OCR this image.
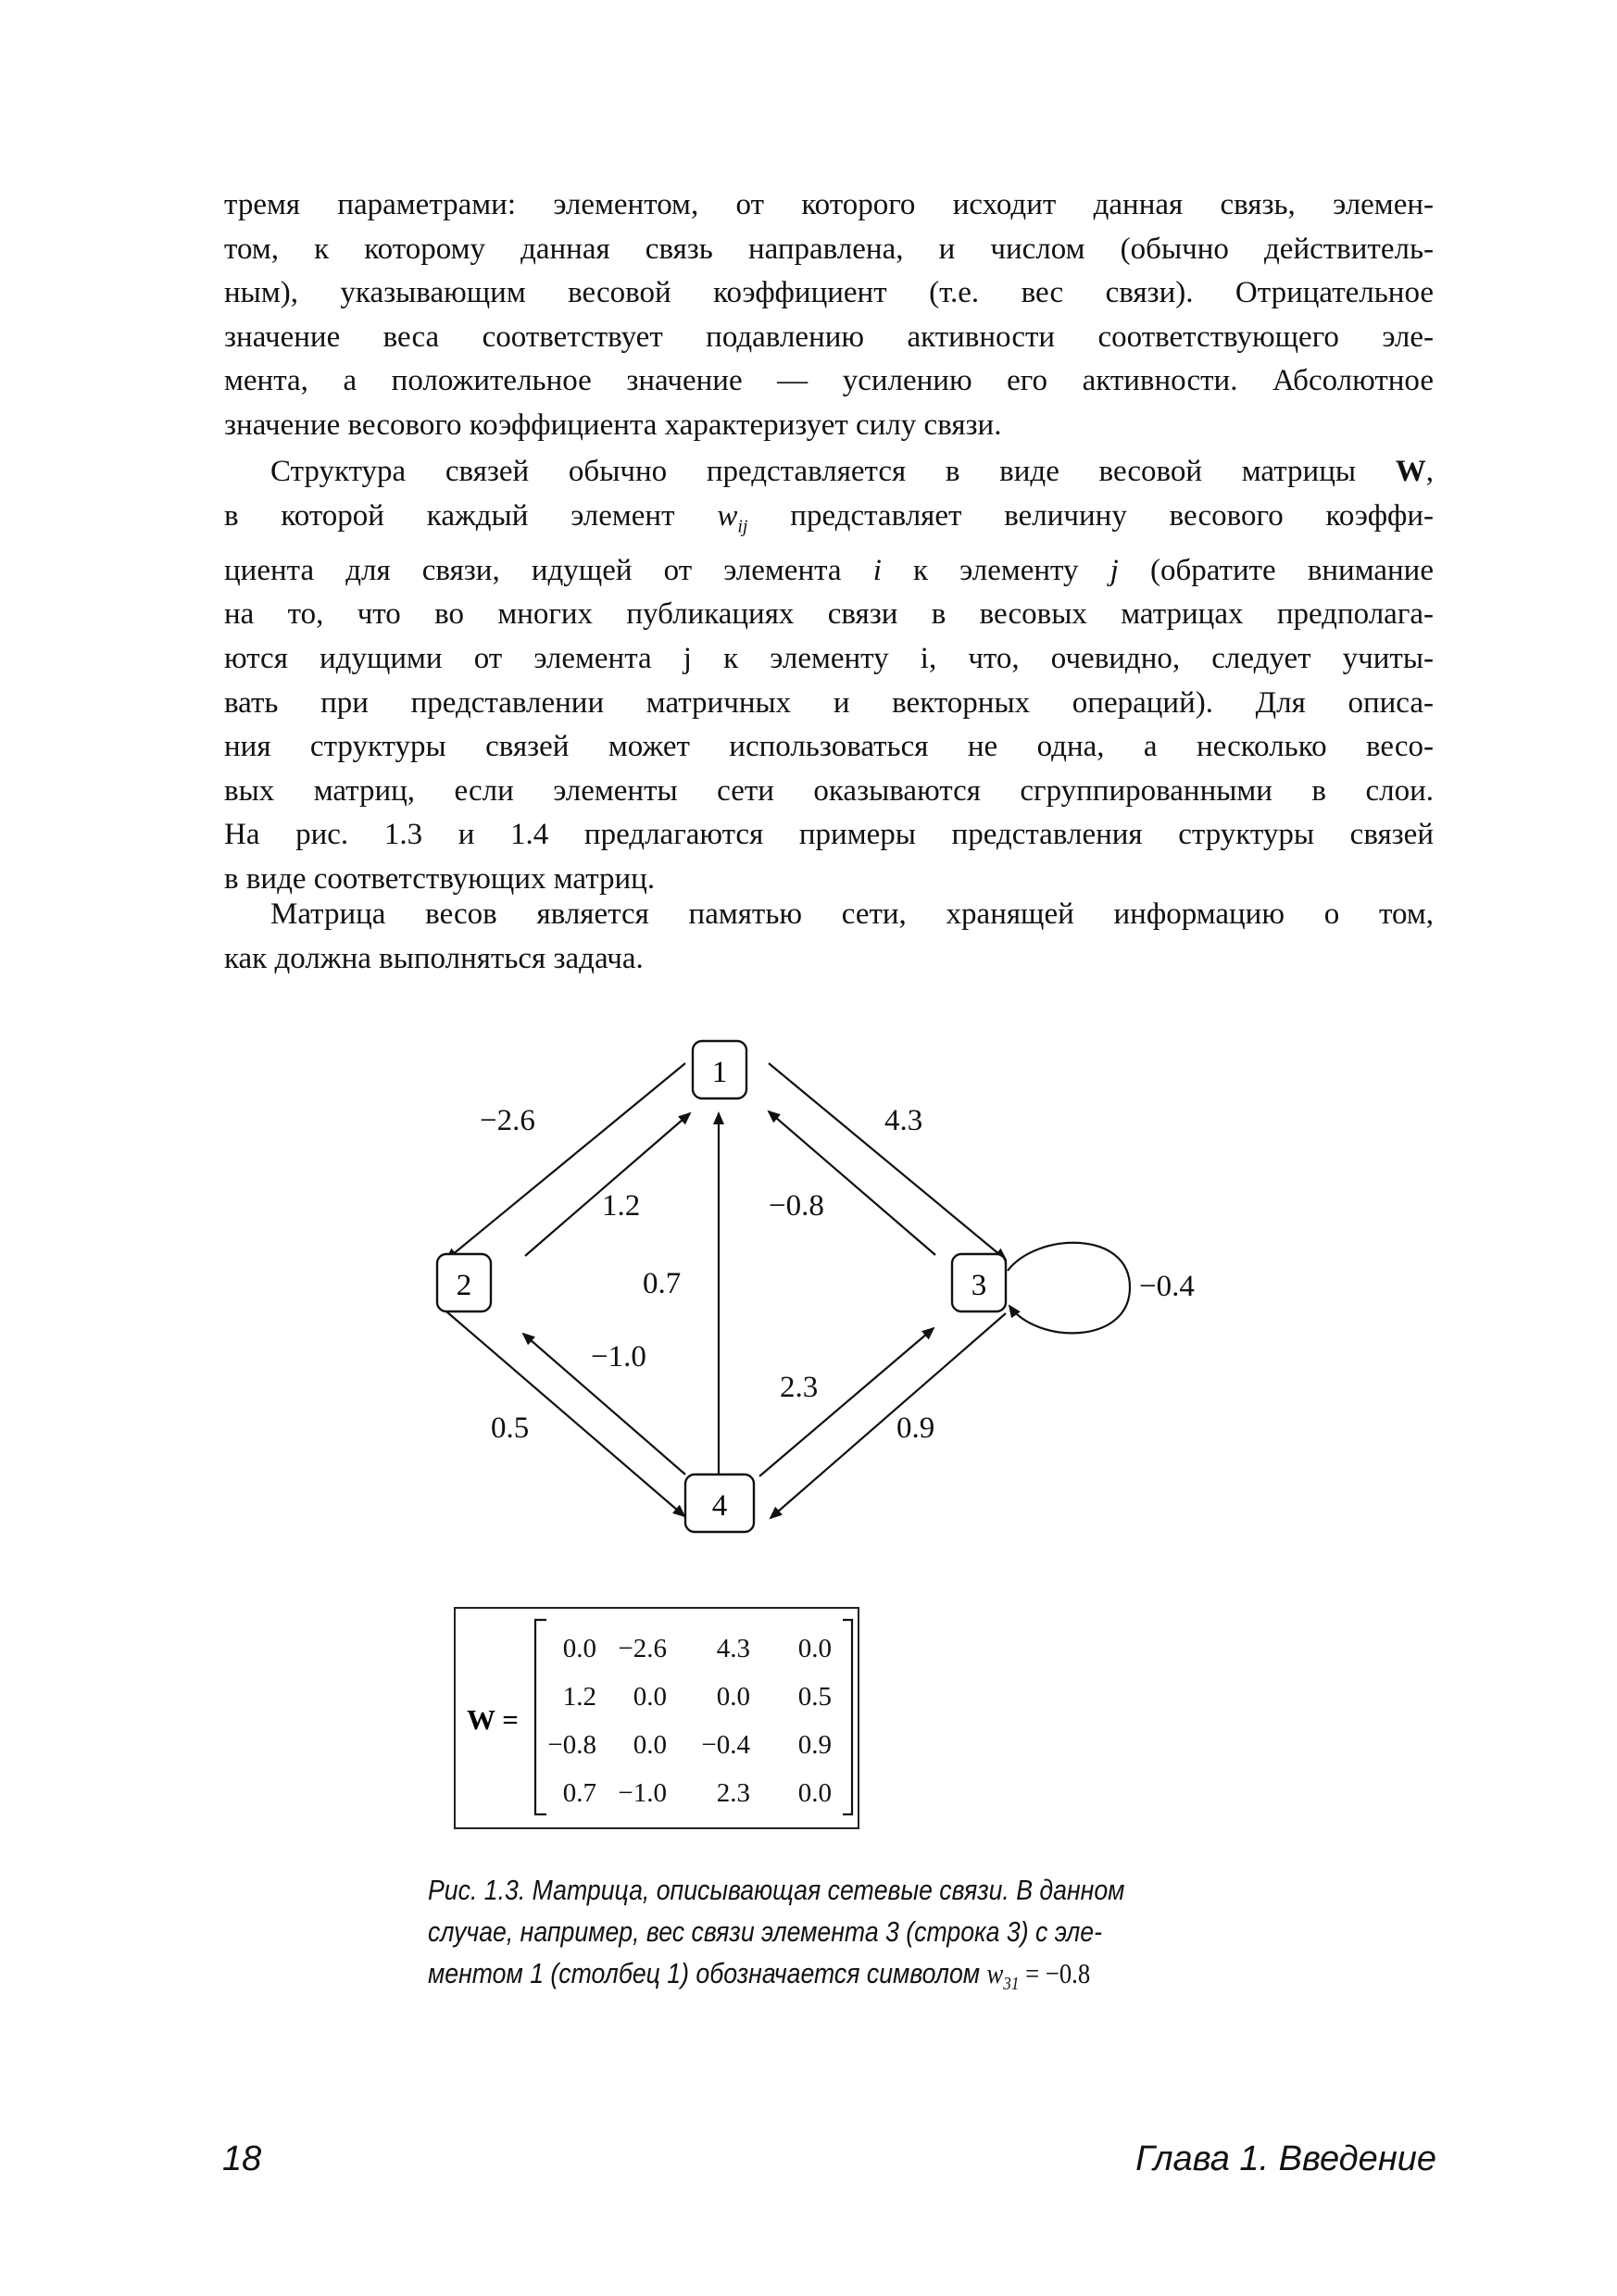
тремя параметрами: элементом, от которого исходит данная связь, элемен-
том, к которому данная связь направлена, и числом (обычно действитель-
ным), указывающим весовой коэффициент (т.е. вес связи). Отрицательное
значение веса соответствует подавлению активности соответствующего эле-
мента, а положительное значение — усилению его активности. Абсолютное
значение весового коэффициента характеризует силу связи.
Структура связей обычно представляется в виде весовой матрицы W,
в которой каждый элемент $w_{ij}$ представляет величину весового коэффи-
циента для связи, идущей от элемента i к элементу j (обратите внимание
на то, что во многих публикациях связи в весовых матрицах предполага-
ются идущими от элемента j к элементу i, что, очевидно, следует учиты-
вать при представлении матричных и векторных операций). Для описа-
ния структуры связей может использоваться не одна, а несколько весо-
вых матриц, если элементы сети оказываются сгруппированными в слои.
На рис. 1.3 и 1.4 предлагаются примеры представления структуры связей
в виде соответствующих матриц.
Матрица весов является памятью сети, хранящей информацию о том,
как должна выполняться задача.
1
2	3
4
−2.6
1.2
4.3
−0.8
0.7	−0.4
−1.0
0.5
2.3
0.9
W =
0.0 −2.6 4.3 0.0
1.2 0.0 0.0 0.5
−0.8 0.0 −0.4 0.9
0.7 −1.0 2.3 0.0
Рис. 1.3. Матрица, описывающая сетевые связи. В данном
случае, например, вес связи элемента 3 (строка 3) с эле-
ментом 1 (столбец 1) обозначается символом $w_{31} = -0.8$
18	Глава 1. Введение
